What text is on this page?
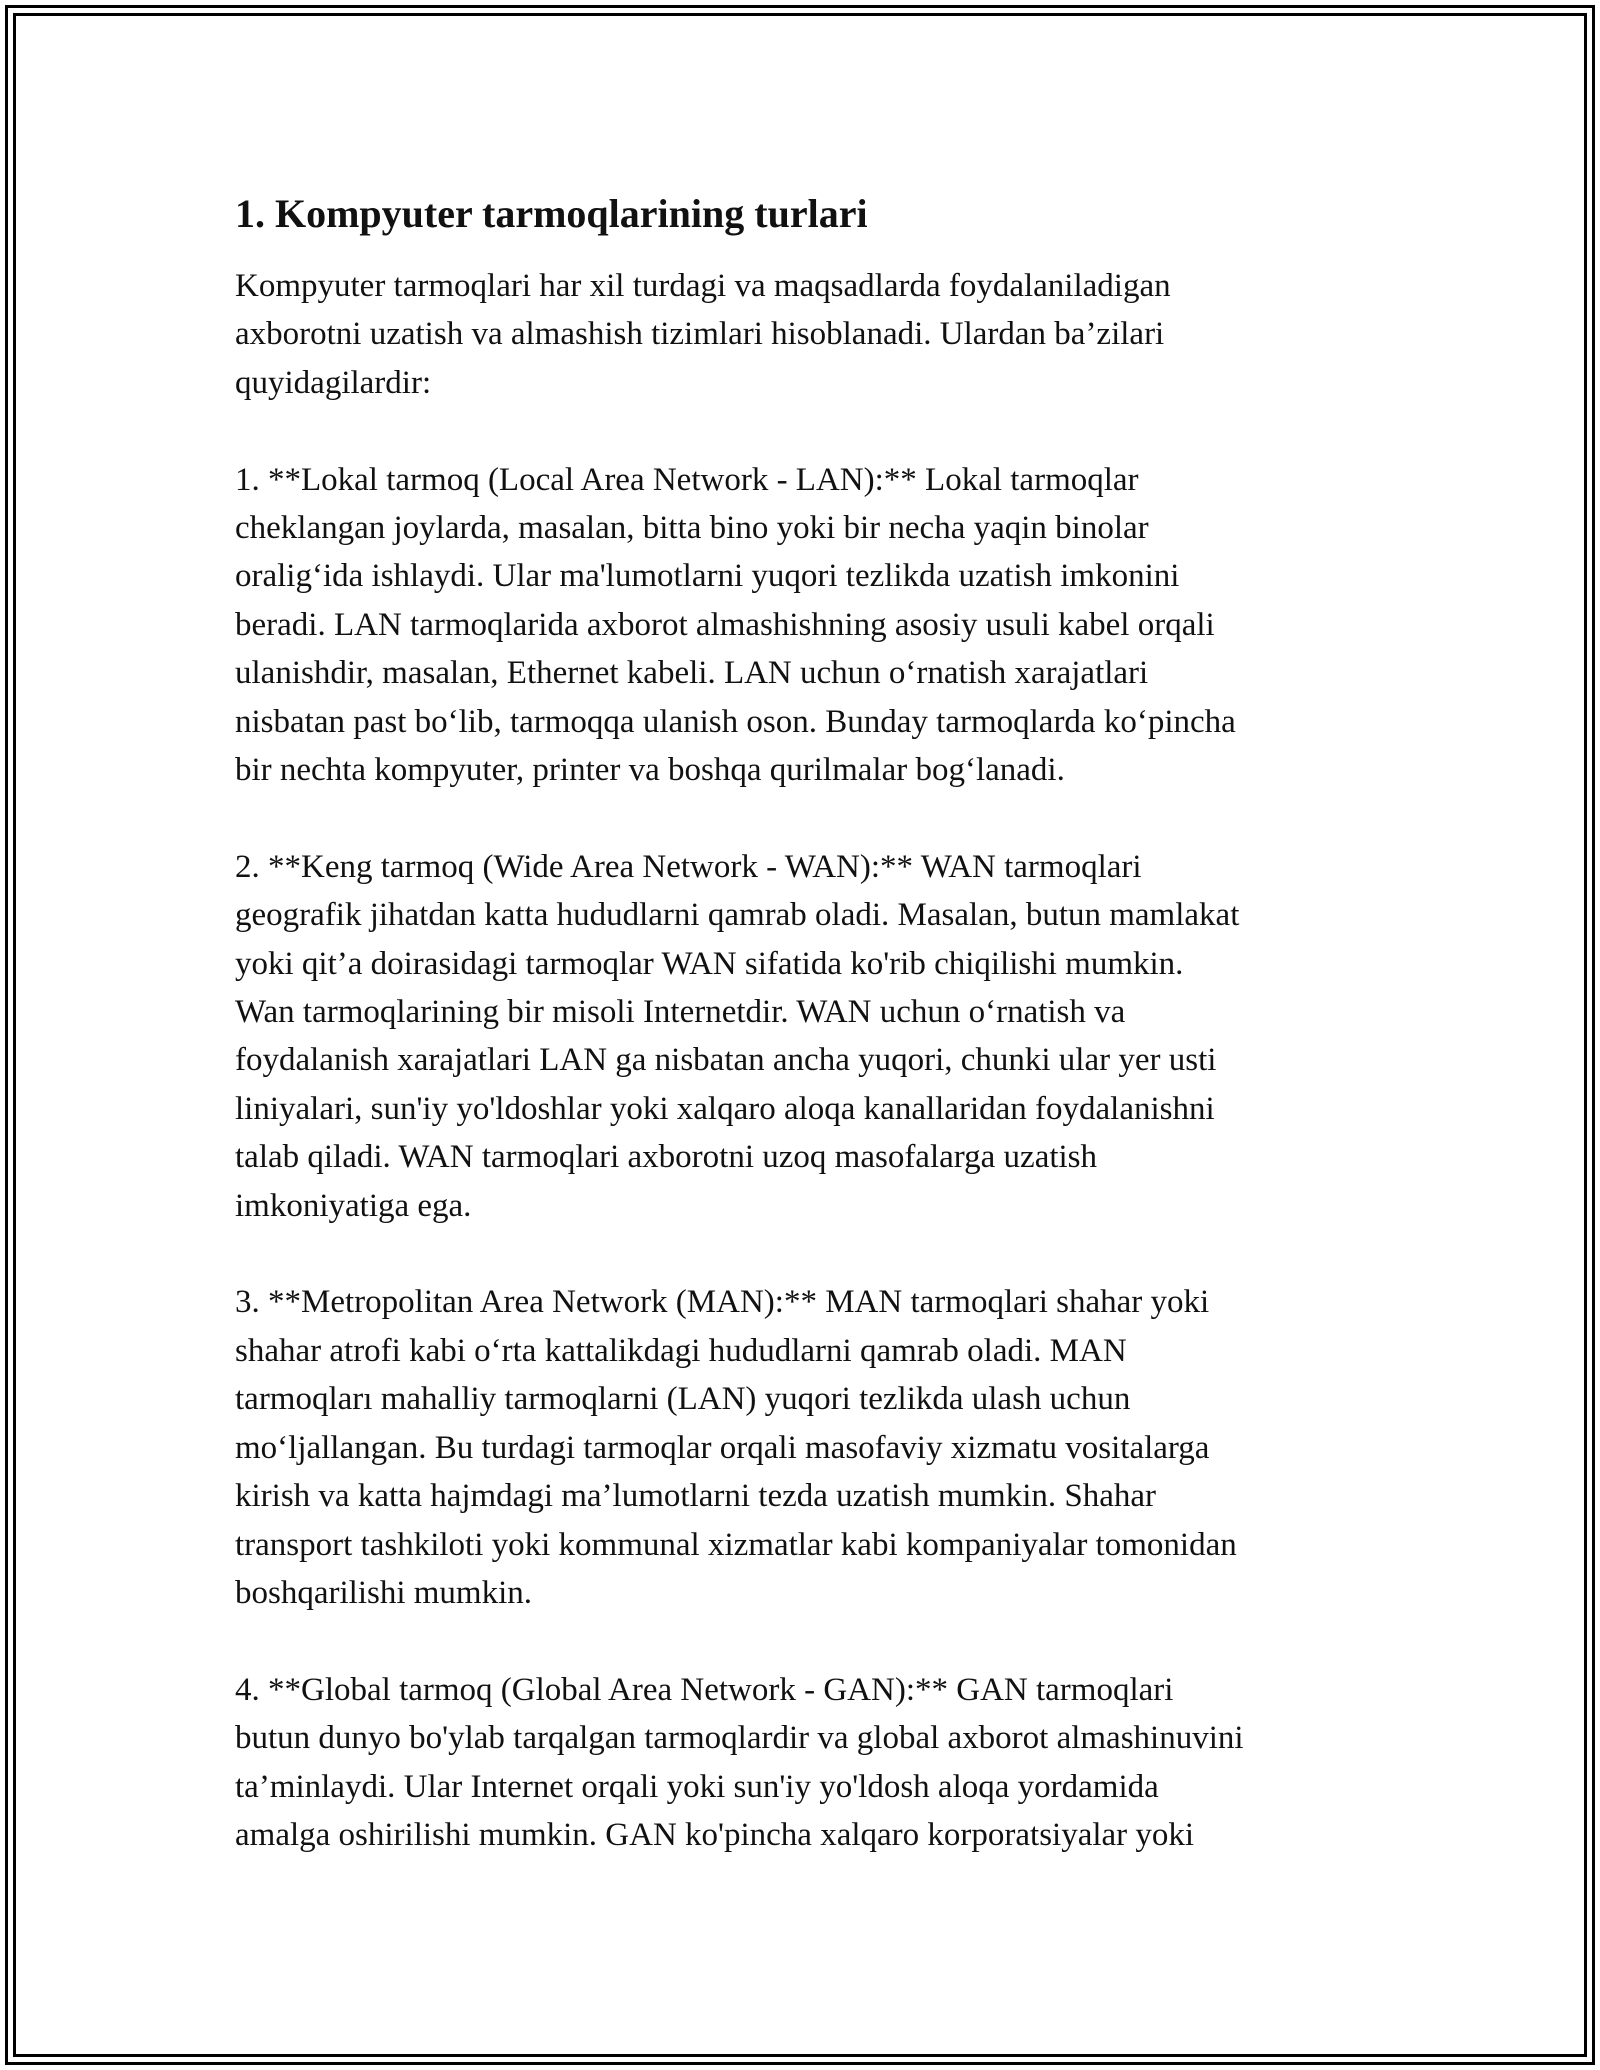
1. Kompyuter tarmoqlarining turlari
Kompyuter tarmoqlari har xil turdagi va maqsadlarda foydalaniladigan
axborotni uzatish va almashish tizimlari hisoblanadi. Ulardan ba’zilari
quyidagilardir:
1. **Lokal tarmoq (Local Area Network - LAN):** Lokal tarmoqlar
cheklangan joylarda, masalan, bitta bino yoki bir necha yaqin binolar
oralig‘ida ishlaydi. Ular ma'lumotlarni yuqori tezlikda uzatish imkonini
beradi. LAN tarmoqlarida axborot almashishning asosiy usuli kabel orqali
ulanishdir, masalan, Ethernet kabeli. LAN uchun o‘rnatish xarajatlari
nisbatan past bo‘lib, tarmoqqa ulanish oson. Bunday tarmoqlarda ko‘pincha
bir nechta kompyuter, printer va boshqa qurilmalar bog‘lanadi.
2. **Keng tarmoq (Wide Area Network - WAN):** WAN tarmoqlari
geografik jihatdan katta hududlarni qamrab oladi. Masalan, butun mamlakat
yoki qit’a doirasidagi tarmoqlar WAN sifatida ko'rib chiqilishi mumkin.
Wan tarmoqlarining bir misoli Internetdir. WAN uchun o‘rnatish va
foydalanish xarajatlari LAN ga nisbatan ancha yuqori, chunki ular yer usti
liniyalari, sun'iy yo'ldoshlar yoki xalqaro aloqa kanallaridan foydalanishni
talab qiladi. WAN tarmoqlari axborotni uzoq masofalarga uzatish
imkoniyatiga ega.
3. **Metropolitan Area Network (MAN):** MAN tarmoqlari shahar yoki
shahar atrofi kabi o‘rta kattalikdagi hududlarni qamrab oladi. MAN
tarmoqları mahalliy tarmoqlarni (LAN) yuqori tezlikda ulash uchun
mo‘ljallangan. Bu turdagi tarmoqlar orqali masofaviy xizmatu vositalarga
kirish va katta hajmdagi ma’lumotlarni tezda uzatish mumkin. Shahar
transport tashkiloti yoki kommunal xizmatlar kabi kompaniyalar tomonidan
boshqarilishi mumkin.
4. **Global tarmoq (Global Area Network - GAN):** GAN tarmoqlari
butun dunyo bo'ylab tarqalgan tarmoqlardir va global axborot almashinuvini
ta’minlaydi. Ular Internet orqali yoki sun'iy yo'ldosh aloqa yordamida
amalga oshirilishi mumkin. GAN ko'pincha xalqaro korporatsiyalar yoki
